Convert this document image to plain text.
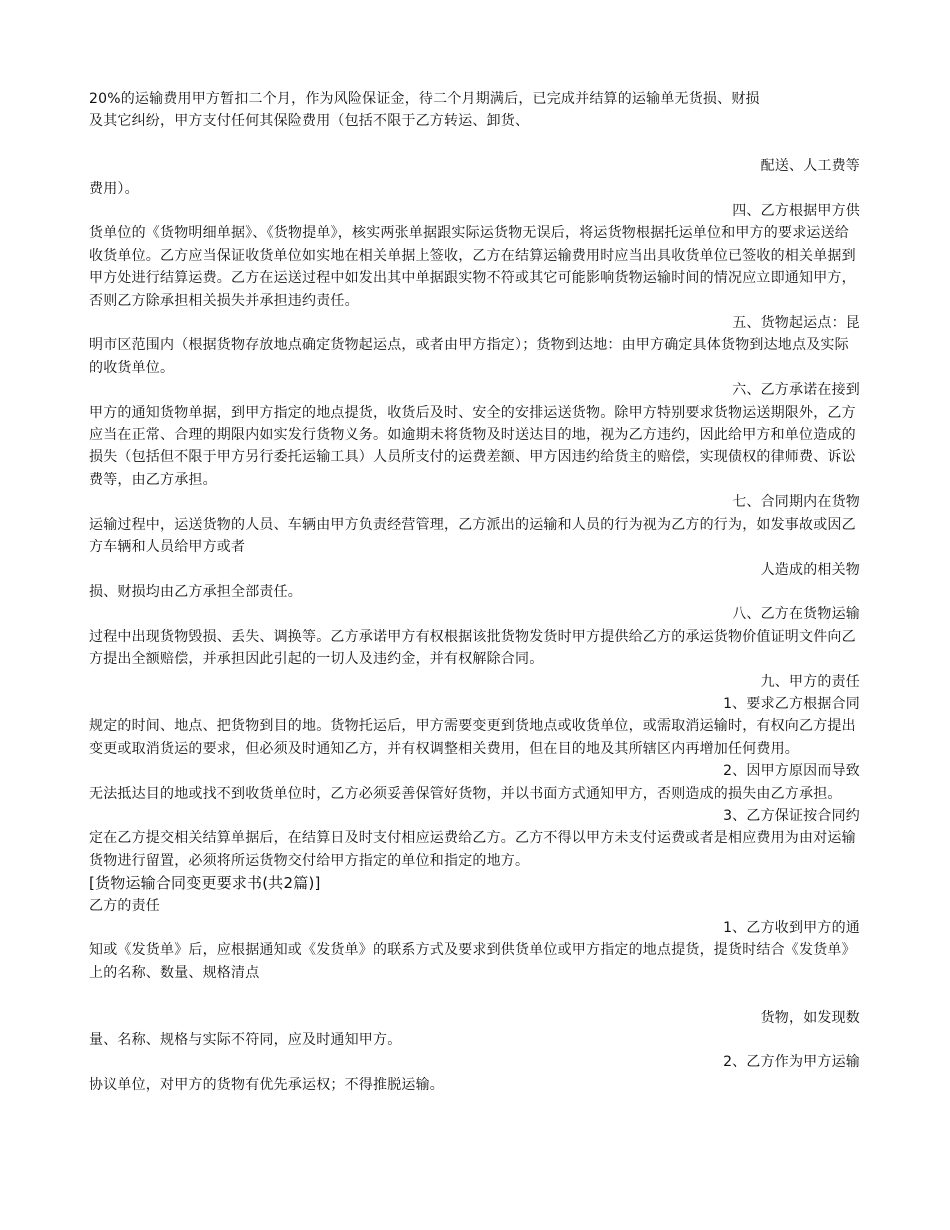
20%的运输费用甲方暂扣二个月，作为风险保证金，待二个月期满后，已完成并结算的运输单无货损、财损
及其它纠纷，甲方支付任何其保险费用（包括不限于乙方转运、卸货、
配送、人工费等
费用）。
四、乙方根据甲方供
货单位的《货物明细单据》、《货物提单》，核实两张单据跟实际运货物无误后，将运货物根据托运单位和甲方的要求运送给收货单位。乙方应当保证收货单位如实地在相关单据上签收，乙方在结算运输费用时应当出具收货单位已签收的相关单据到甲方处进行结算运费。乙方在运送过程中如发出其中单据跟实物不符或其它可能影响货物运输时间的情况应立即通知甲方，否则乙方除承担相关损失并承担违约责任。
五、货物起运点：昆
明市区范围内（根据货物存放地点确定货物起运点，或者由甲方指定）；货物到达地：由甲方确定具体货物到达地点及实际的收货单位。
六、乙方承诺在接到
甲方的通知货物单据，到甲方指定的地点提货，收货后及时、安全的安排运送货物。除甲方特别要求货物运送期限外，乙方应当在正常、合理的期限内如实发行货物义务。如逾期未将货物及时送达目的地，视为乙方违约，因此给甲方和单位造成的损失（包括但不限于甲方另行委托运输工具）人员所支付的运费差额、甲方因违约给货主的赔偿，实现债权的律师费、诉讼费等，由乙方承担。
七、合同期内在货物
运输过程中，运送货物的人员、车辆由甲方负责经营管理，乙方派出的运输和人员的行为视为乙方的行为，如发事故或因乙方车辆和人员给甲方或者
人造成的相关物
损、财损均由乙方承担全部责任。
八、乙方在货物运输
过程中出现货物毁损、丢失、调换等。乙方承诺甲方有权根据该批货物发货时甲方提供给乙方的承运货物价值证明文件向乙方提出全额赔偿，并承担因此引起的一切人及违约金，并有权解除合同。
九、甲方的责任
1、要求乙方根据合同
规定的时间、地点、把货物到目的地。货物托运后，甲方需要变更到货地点或收货单位，或需取消运输时，有权向乙方提出变更或取消货运的要求，但必须及时通知乙方，并有权调整相关费用，但在目的地及其所辖区内再增加任何费用。
2、因甲方原因而导致
无法抵达目的地或找不到收货单位时，乙方必须妥善保管好货物，并以书面方式通知甲方，否则造成的损失由乙方承担。
3、乙方保证按合同约
定在乙方提交相关结算单据后，在结算日及时支付相应运费给乙方。乙方不得以甲方未支付运费或者是相应费用为由对运输货物进行留置，必须将所运货物交付给甲方指定的单位和指定的地方。
[货物运输合同变更要求书(共2篇)]
乙方的责任
1、乙方收到甲方的通
知或《发货单》后，应根据通知或《发货单》的联系方式及要求到供货单位或甲方指定的地点提货，提货时结合《发货单》上的名称、数量、规格清点
货物，如发现数
量、名称、规格与实际不符同，应及时通知甲方。
2、乙方作为甲方运输
协议单位，对甲方的货物有优先承运权；不得推脱运输。
